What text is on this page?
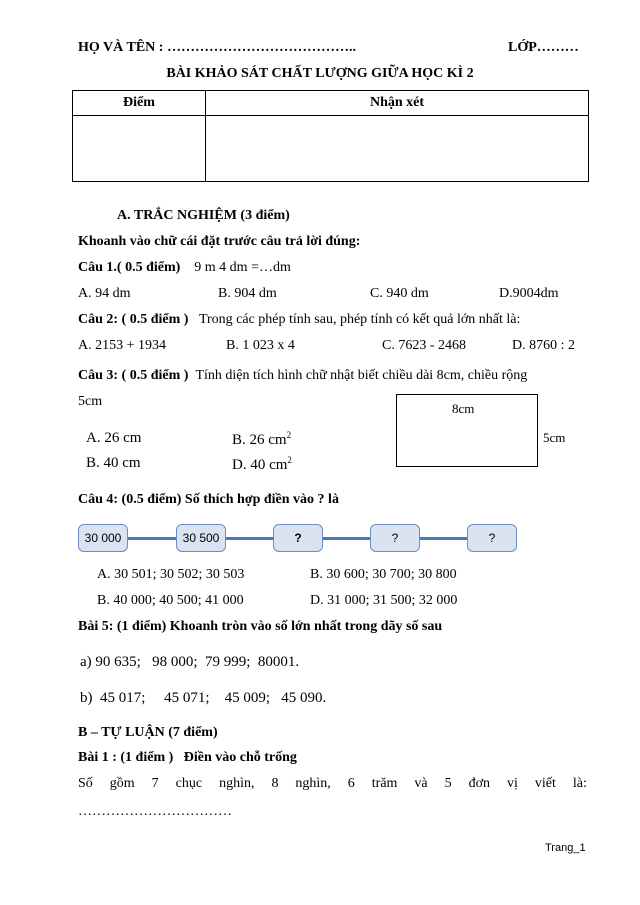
HỌ VÀ TÊN : …………………………………..	LỚP………
BÀI KHẢO SÁT CHẤT LƯỢNG GIỮA HỌC KÌ 2
Điểm	Nhận xét

A. TRẮC NGHIỆM (3 điểm)
Khoanh vào chữ cái đặt trước câu trả lời đúng:
Câu 1.( 0.5 điểm) 9 m 4 dm =…dm
A. 94 dm	B. 904 dm	C. 940 dm	D.9004dm
Câu 2: ( 0.5 điểm ) Trong các phép tính sau, phép tính có kết quả lớn nhất là:
A. 2153 + 1934	B. 1 023 x 4	C. 7623 - 2468	D. 8760 : 2
Câu 3: ( 0.5 điểm ) Tính diện tích hình chữ nhật biết chiều dài 8cm, chiều rộng
5cm
A. 26 cm	B. 26 $cm^2$
B. 40 cm	D. 40 $cm^2$
8cm
5cm
Câu 4: (0.5 điểm) Số thích hợp điền vào ? là
30 000	30 500	?	?	?
A. 30 501; 30 502; 30 503	B. 30 600; 30 700; 30 800
B. 40 000; 40 500; 41 000	D. 31 000; 31 500; 32 000
Bài 5: (1 điểm) Khoanh tròn vào số lớn nhất trong dãy số sau
a) 90 635;   98 000;  79 999;  80001.
b)  45 017;     45 071;    45 009;   45 090.
B – TỰ LUẬN (7 điểm)
Bài 1 : (1 điểm ) Điền vào chỗ trống
Số gồm 7 chục nghìn, 8 nghìn, 6 trăm và 5 đơn vị viết là:
……………………………
Trang_1
